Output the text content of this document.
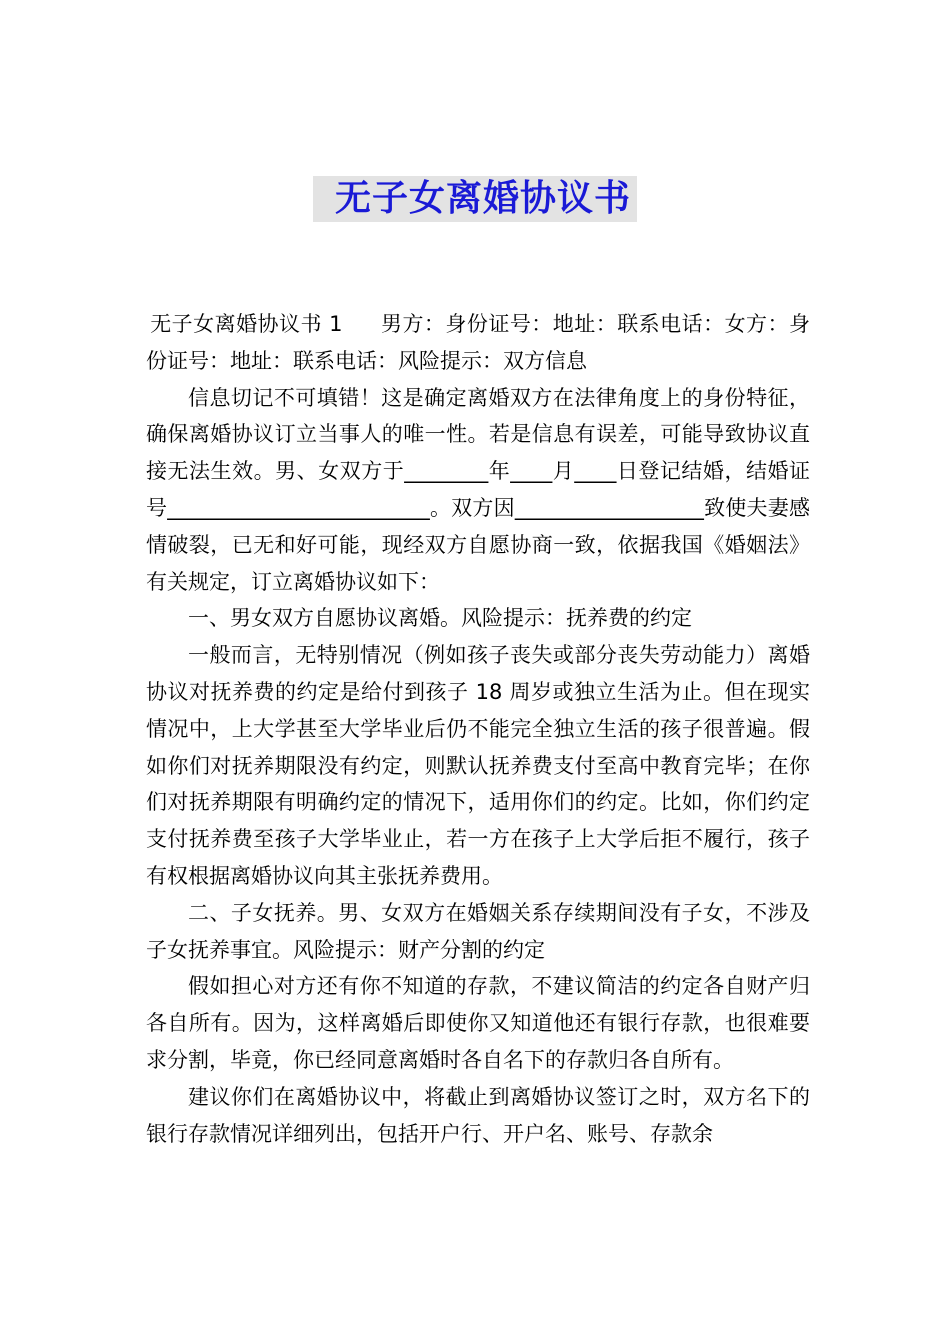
无子女离婚协议书

无子女离婚协议书 1 男方：身份证号：地址：联系电话：女方：身份证号：地址：联系电话：风险提示：双方信息

信息切记不可填错！这是确定离婚双方在法律角度上的身份特征，确保离婚协议订立当事人的唯一性。若是信息有误差，可能导致协议直接无法生效。男、女双方于________年____月____日登记结婚，结婚证号_________________________。双方因__________________致使夫妻感情破裂，已无和好可能，现经双方自愿协商一致，依据我国《婚姻法》有关规定，订立离婚协议如下：

一、男女双方自愿协议离婚。风险提示：抚养费的约定

一般而言，无特别情况（例如孩子丧失或部分丧失劳动能力）离婚协议对抚养费的约定是给付到孩子 18 周岁或独立生活为止。但在现实情况中，上大学甚至大学毕业后仍不能完全独立生活的孩子很普遍。假如你们对抚养期限没有约定，则默认抚养费支付至高中教育完毕；在你们对抚养期限有明确约定的情况下，适用你们的约定。比如，你们约定支付抚养费至孩子大学毕业止，若一方在孩子上大学后拒不履行，孩子有权根据离婚协议向其主张抚养费用。

二、子女抚养。男、女双方在婚姻关系存续期间没有子女，不涉及子女抚养事宜。风险提示：财产分割的约定

假如担心对方还有你不知道的存款，不建议简洁的约定各自财产归各自所有。因为，这样离婚后即使你又知道他还有银行存款，也很难要求分割，毕竟，你已经同意离婚时各自名下的存款归各自所有。

建议你们在离婚协议中，将截止到离婚协议签订之时，双方名下的银行存款情况详细列出，包括开户行、开户名、账号、存款余
